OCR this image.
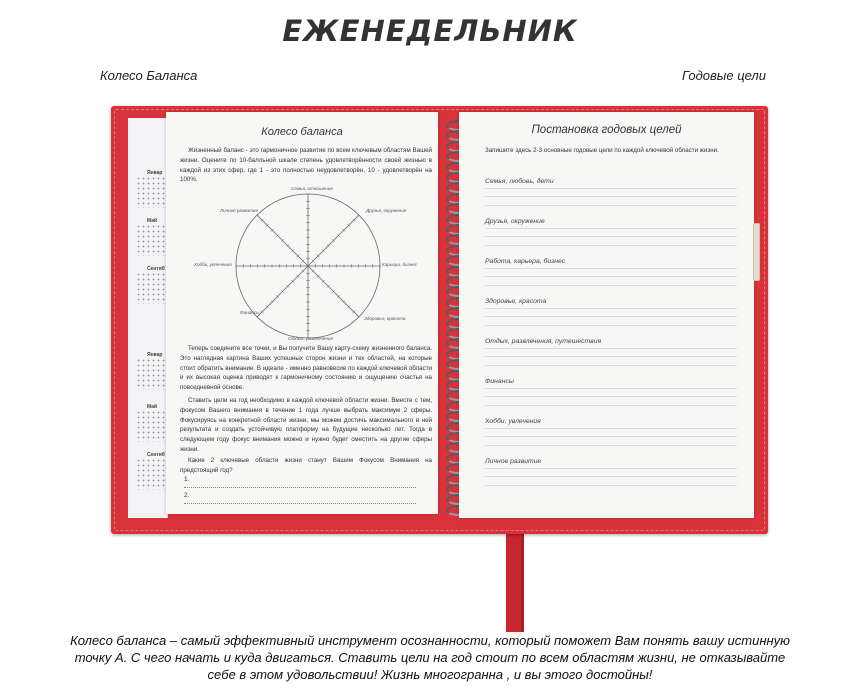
ЕЖЕНЕДЕЛЬНИК
Колесо Баланса	Годовые цели
Январ
Май
Сентяб
Январ
Май
Сентяб
Колесо баланса
Жизненный баланс - это гармоничное развитие по всем ключевым областям Вашей жизни. Оцените по 10-балльной шкале степень удовлетворённости своей жизнью в каждой из этих сфер, где 1 - это полностью неудовлетворён, 10 - удовлетворён на 100%.
Семья, отношения
Друзья, окружение
Карьера, бизнес
Здоровье, красота
Отдых, развлечения
Финансы
Хобби, увлечения
Личное развитие
Теперь соедините все точки, и Вы получите Вашу карту-схему жизненного баланса. Это наглядная картина Ваших успешных сторон жизни и тех областей, на которые стоит обратить внимание. В идеале - именно равновесие по каждой ключевой области и их высокая оценка приводят к гармоничному состоянию и ощущению счастья на повседневной основе.
Ставить цели на год необходимо в каждой ключевой области жизни. Вместе с тем, фокусом Вашего внимания в течение 1 года лучше выбрать максимум 2 сферы. Фокусируясь на конкретной области жизни, мы можем достичь максимального в ней результата и создать устойчивую платформу на будущие несколько лет. Тогда в следующем году фокус внимания можно и нужно будет сместить на другие сферы жизни.
Какие 2 ключевые области жизни станут Вашим Фокусом Внимания на предстоящий год?
1.
2.
Постановка годовых целей
Запишите здесь 2-3 основные годовые цели по каждой ключевой области жизни.
Семья, любовь, дети
Друзья, окружение
Работа, карьера, бизнес
Здоровье, красота
Отдых, развлечения, путешествия
Финансы
Хобби, увлечения
Личное развитие
Колесо баланса – самый эффективный инструмент осознанности, который поможет Вам понять вашу истинную точку А. С чего начать и куда двигаться. Ставить цели на год стоит по всем областям жизни, не отказывайте себе в этом удовольствии! Жизнь многогранна , и вы этого достойны!
